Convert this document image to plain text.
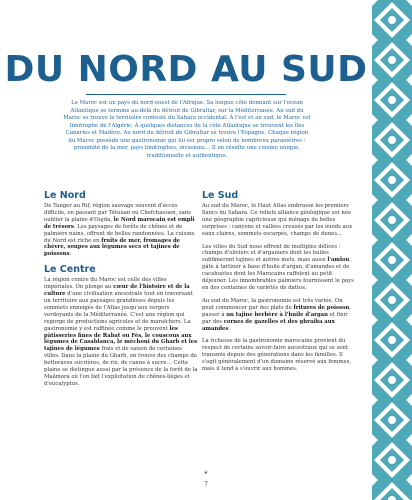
DU NORD AU SUD

Le Maroc est un pays du nord-ouest de l'Afrique. Sa longue côte donnant sur l'océan Atlantique se termine au-delà du détroit de Gibraltar, sur la Méditerranée. Au sud du Maroc se trouve le territoire contesté du Sahara occidental. À l'est et au sud, le Maroc est limitrophe de l'Algérie. À quelques distances de la côte Atlantique se trouvent les îles Canaries et Madère. Au nord du détroit de Gibraltar se trouve l'Espagne. Chaque région du Maroc possède une gastronomie qui lui est propre selon de nombreux paramètres : proximité de la mer, pays limitrophes, invasions… Il en résulte une cuisine unique, traditionnelle et authentique.

Le Nord

De Tanger au Rif, région sauvage souvent d'accès difficile, en passant par Tétouan ou Chefchaouen, sans oublier la plaine d'Oujda, le Nord marocain est empli de trésors. Les paysages de forêts de chênes et de palmiers nains, offrent de belles randonnées. La cuisine du Nord est riche en fruits de mer, fromages de chèvre, soupes aux légumes secs et tajines de poissons.

Le Centre

La région centre du Maroc est celle des villes impériales. On plonge au cœur de l'histoire et de la culture d'une civilisation ancestrale tout en traversant un territoire aux paysages grandioses depuis les sommets enneigés de l'Atlas jusqu'aux vergers verdoyants de la Méditerranée. C'est une région qui regorge de productions agricoles et de maraîchers. La gastronomie y est raffinée comme le prouvent les pâtisseries fines de Rabat ou Fès, le couscous aux légumes de Casablanca, le méchoui du Gharb et les tajines de légumes frais et de saison de certaines villes. Dans la plaine du Gharb, on trouve des champs de betteraves sucrières, de riz, de canne à sucre… Cette plaine se distingue aussi par la présence de la forêt de la Maâmora où l'on fait l'exploitation de chênes-lièges et d'eucalyptus.

Le Sud

Au sud du Maroc, le Haut Atlas embrasse les premiers flancs du Sahara. Ce reliefs alliance géologique est née une géographie capricieuse qui ménage de belles surprises : canyons et vallées creusés par les oueds aux eaux claires, sommets escarpés, champs de dunes…

Les villes du Sud nous offrent de multiples délices : champs d'oliviers et d'arganiers dont les huiles sublimeront tajines et autres mets, mais aussi l'amlou, pâte à tartiner à base d'huile d'argan, d'amandes et de cacahuètes dont les Marocains raffolent au petit déjeuner. Les innombrables palmiers fournissent le pays en des centaines de variétés de dattes.

Au sud du Maroc, la gastronomie est très variée. On peut commencer par des plats de fritures de poisson, passer à un tajine berbère à l'huile d'argan et finir par des cornes de gazelles et des ghraiba aux amandes.

La richesse de la gastronomie marocaine provient du respect de certains savoir-faire ancestraux qui se sont transmis depuis des générations dans les familles. Il s'agit généralement d'un domaine réservé aux femmes, mais il tend à s'ouvrir aux hommes.

❦
7
